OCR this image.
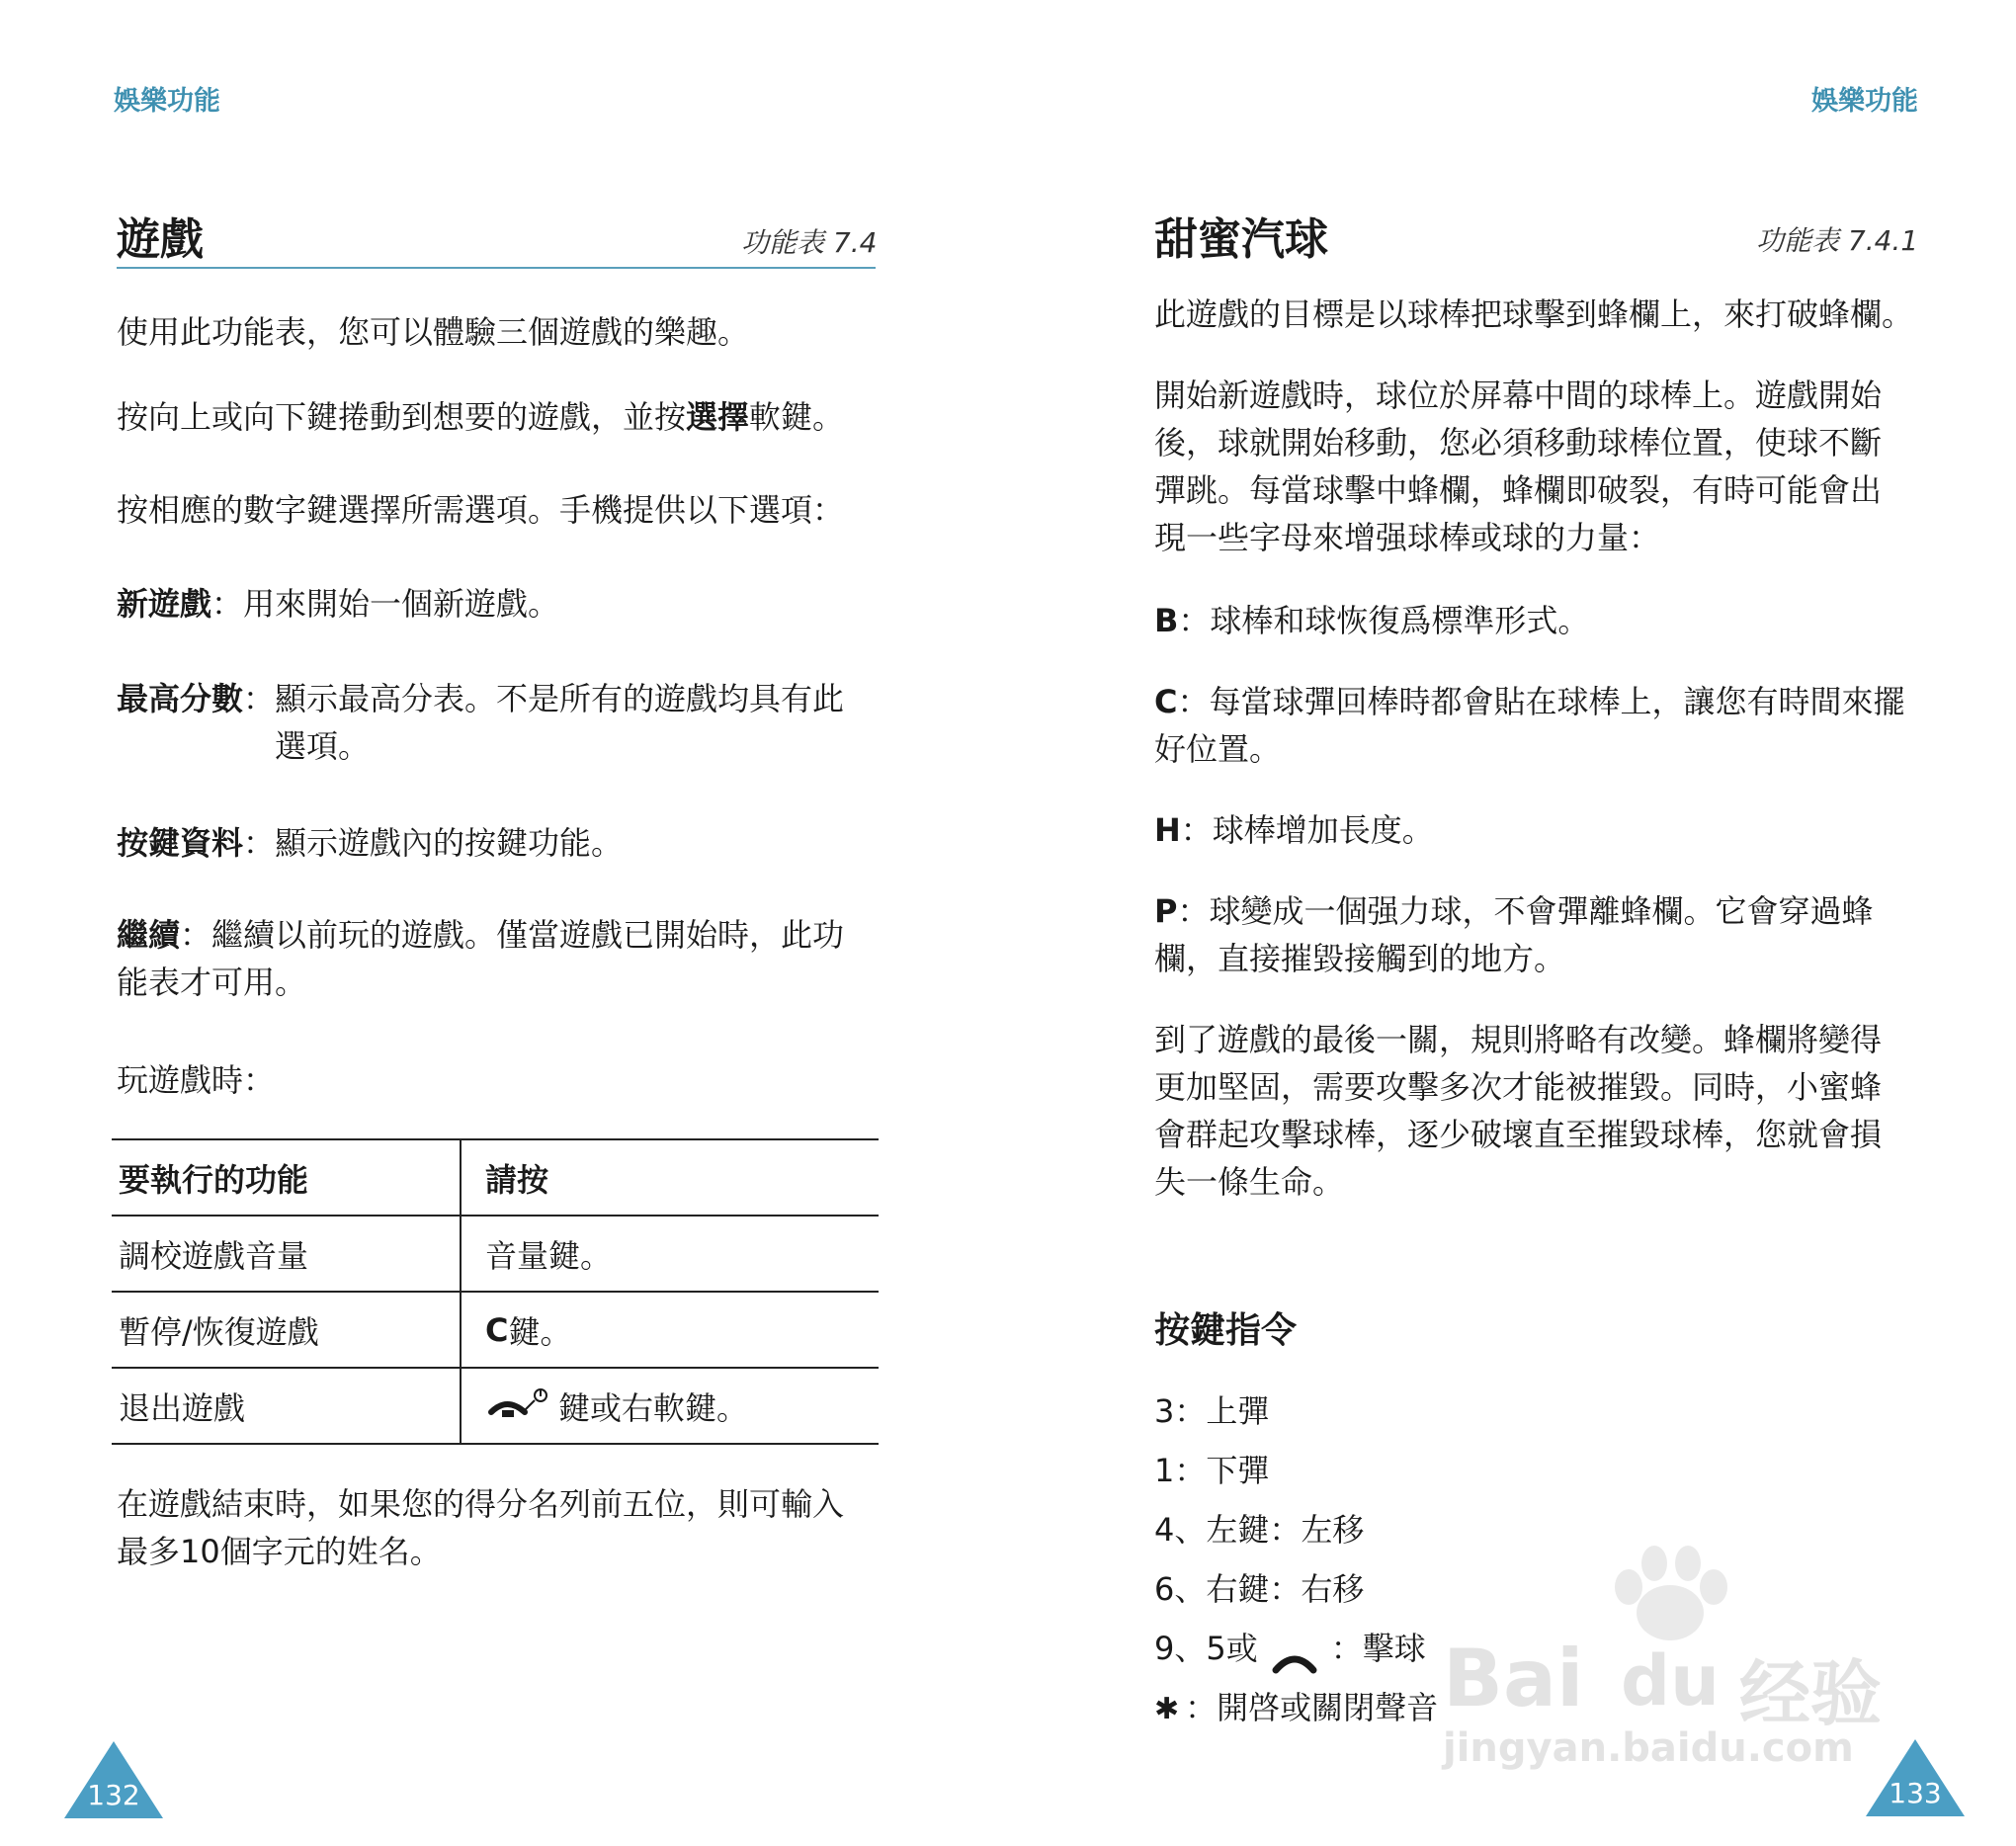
娛樂功能
遊戲	功能表 7.4
使用此功能表，您可以體驗三個遊戲的樂趣。
按向上或向下鍵捲動到想要的遊戲，並按選擇軟鍵。
按相應的數字鍵選擇所需選項。手機提供以下選項：
新遊戲：用來開始一個新遊戲。
最高分數：顯示最高分表。不是所有的遊戲均具有此
選項。
按鍵資料：顯示遊戲內的按鍵功能。
繼續：繼續以前玩的遊戲。僅當遊戲已開始時，此功
能表才可用。
玩遊戲時：
要執行的功能	請按
調校遊戲音量	音量鍵。
暫停/恢復遊戲	C 鍵。
退出遊戲	鍵或右軟鍵。
在遊戲結束時，如果您的得分名列前五位，則可輸入
最多10個字元的姓名。
132
娛樂功能
甜蜜汽球	功能表 7.4.1
此遊戲的目標是以球棒把球擊到蜂欄上，來打破蜂欄。
開始新遊戲時，球位於屏幕中間的球棒上。遊戲開始
後，球就開始移動，您必須移動球棒位置，使球不斷
彈跳。每當球擊中蜂欄，蜂欄即破裂，有時可能會出
現一些字母來增强球棒或球的力量：
B：球棒和球恢復爲標準形式。
C：每當球彈回棒時都會貼在球棒上，讓您有時間來擺
好位置。
H：球棒增加長度。
P：球變成一個强力球，不會彈離蜂欄。它會穿過蜂
欄，直接摧毀接觸到的地方。
到了遊戲的最後一關，規則將略有改變。蜂欄將變得
更加堅固，需要攻擊多次才能被摧毀。同時，小蜜蜂
會群起攻擊球棒，逐少破壞直至摧毀球棒，您就會損
失一條生命。
按鍵指令
3：上彈
1：下彈
4、左鍵：左移
6、右鍵：右移
9、5或 ：擊球
✱ ：開啓或關閉聲音
133
Bai du 经验
jingyan.baidu.com
